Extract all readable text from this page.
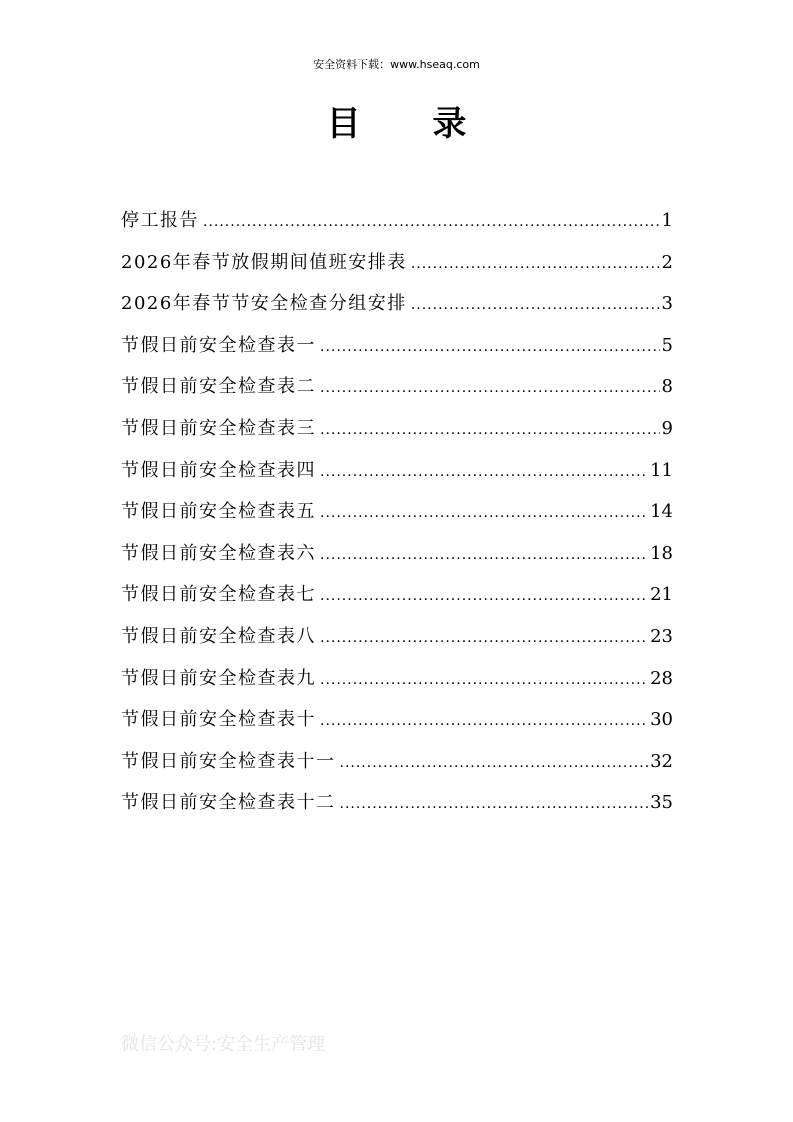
安全资料下载：www.hseaq.com
目 录
停工报告 .....	1
2026年春节放假期间值班安排表 .....	2
2026年春节节安全检查分组安排 .....	3
节假日前安全检查表一 .....	5
节假日前安全检查表二 .....	8
节假日前安全检查表三 .....	9
节假日前安全检查表四 .....	11
节假日前安全检查表五 .....	14
节假日前安全检查表六 .....	18
节假日前安全检查表七 .....	21
节假日前安全检查表八 .....	23
节假日前安全检查表九 .....	28
节假日前安全检查表十 .....	30
节假日前安全检查表十一 .....	32
节假日前安全检查表十二 .....	35
微信公众号:安全生产管理
